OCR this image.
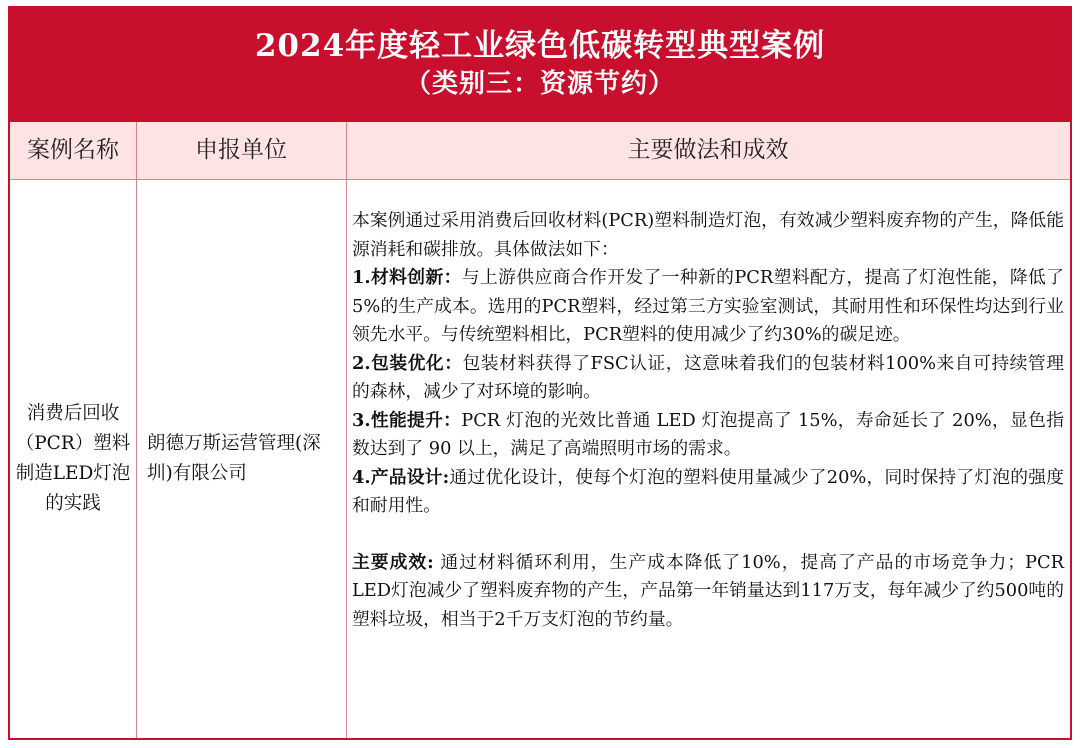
2024年度轻工业绿色低碳转型典型案例
（类别三：资源节约）
案例名称	申报单位	主要做法和成效
消费后回收（PCR）塑料制造LED灯泡的实践
朗德万斯运营管理(深圳)有限公司

本案例通过采用消费后回收材料(PCR)塑料制造灯泡，有效减少塑料废弃物的产生，降低能源消耗和碳排放。具体做法如下：

1.材料创新：与上游供应商合作开发了一种新的PCR塑料配方，提高了灯泡性能，降低了5%的生产成本。选用的PCR塑料，经过第三方实验室测试，其耐用性和环保性均达到行业领先水平。与传统塑料相比，PCR塑料的使用减少了约30%的碳足迹。

2.包装优化：包装材料获得了FSC认证，这意味着我们的包装材料100%来自可持续管理的森林，减少了对环境的影响。

3.性能提升：PCR 灯泡的光效比普通 LED 灯泡提高了 15%，寿命延长了 20%，显色指数达到了 90 以上，满足了高端照明市场的需求。

4.产品设计:通过优化设计，使每个灯泡的塑料使用量减少了20%，同时保持了灯泡的强度和耐用性。

主要成效: 通过材料循环利用，生产成本降低了10%，提高了产品的市场竞争力；PCR LED灯泡减少了塑料废弃物的产生，产品第一年销量达到117万支，每年减少了约500吨的塑料垃圾，相当于2千万支灯泡的节约量。
